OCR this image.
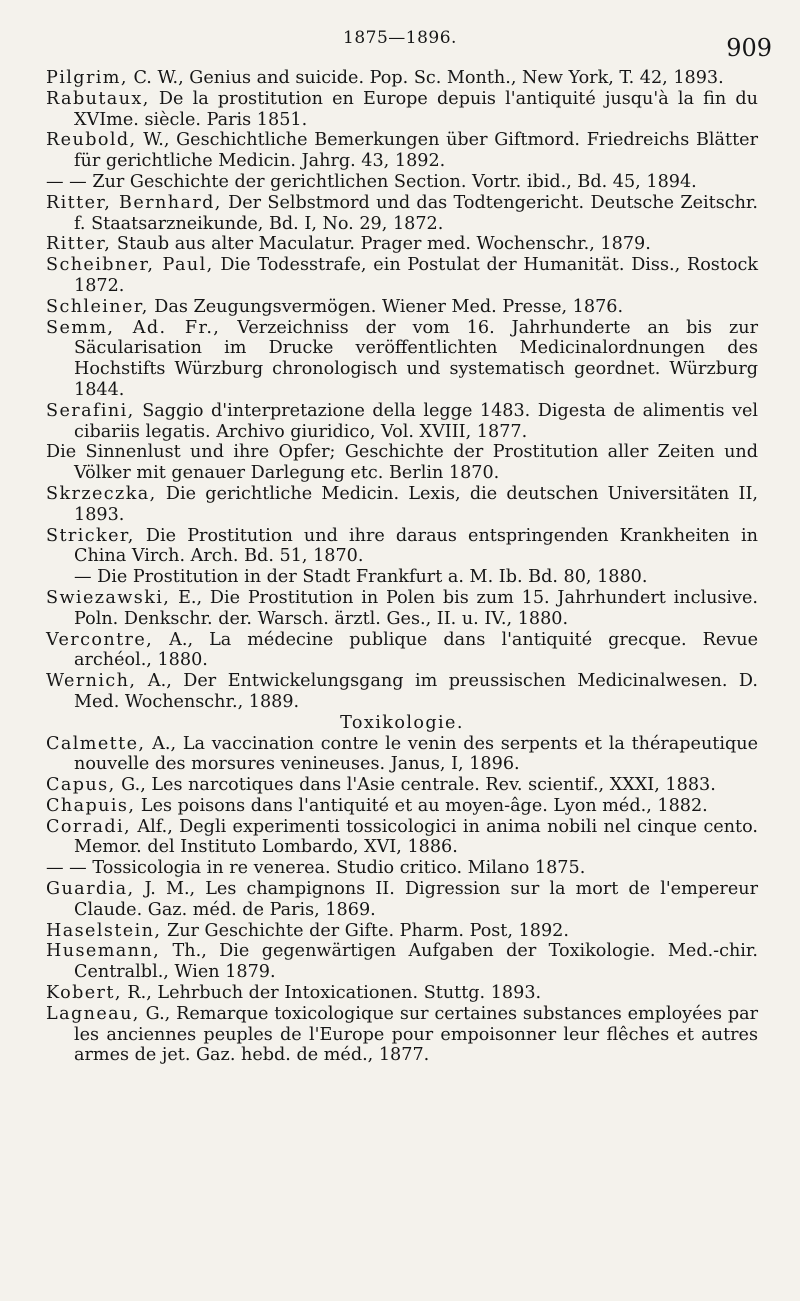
1875—1896.	909

Pilgrim, C. W., Genius and suicide. Pop. Sc. Month., New York, T. 42, 1893.

Rabutaux, De la prostitution en Europe depuis l'antiquité jusqu'à la fin du XVIme. siècle. Paris 1851.

Reubold, W., Geschichtliche Bemerkungen über Giftmord. Friedreichs Blätter für gerichtliche Medicin. Jahrg. 43, 1892.

— — Zur Geschichte der gerichtlichen Section. Vortr. ibid., Bd. 45, 1894.

Ritter, Bernhard, Der Selbstmord und das Todtengericht. Deutsche Zeitschr. f. Staatsarzneikunde, Bd. I, No. 29, 1872.

Ritter, Staub aus alter Maculatur. Prager med. Wochenschr., 1879.

Scheibner, Paul, Die Todesstrafe, ein Postulat der Humanität. Diss., Rostock 1872.

Schleiner, Das Zeugungsvermögen. Wiener Med. Presse, 1876.

Semm, Ad. Fr., Verzeichniss der vom 16. Jahrhunderte an bis zur Säcularisation im Drucke veröffentlichten Medicinalordnungen des Hochstifts Würzburg chronologisch und systematisch geordnet. Würzburg 1844.

Serafini, Saggio d'interpretazione della legge 1483. Digesta de alimentis vel cibariis legatis. Archivo giuridico, Vol. XVIII, 1877.

Die Sinnenlust und ihre Opfer; Geschichte der Prostitution aller Zeiten und Völker mit genauer Darlegung etc. Berlin 1870.

Skrzeczka, Die gerichtliche Medicin. Lexis, die deutschen Universitäten II, 1893.

Stricker, Die Prostitution und ihre daraus entspringenden Krankheiten in China Virch. Arch. Bd. 51, 1870.

— Die Prostitution in der Stadt Frankfurt a. M. Ib. Bd. 80, 1880.

Swiezawski, E., Die Prostitution in Polen bis zum 15. Jahrhundert inclusive. Poln. Denkschr. der. Warsch. ärztl. Ges., II. u. IV., 1880.

Vercontre, A., La médecine publique dans l'antiquité grecque. Revue archéol., 1880.

Wernich, A., Der Entwickelungsgang im preussischen Medicinalwesen. D. Med. Wochenschr., 1889.

Toxikologie.

Calmette, A., La vaccination contre le venin des serpents et la thérapeutique nouvelle des morsures venineuses. Janus, I, 1896.

Capus, G., Les narcotiques dans l'Asie centrale. Rev. scientif., XXXI, 1883.

Chapuis, Les poisons dans l'antiquité et au moyen-âge. Lyon méd., 1882.

Corradi, Alf., Degli experimenti tossicologici in anima nobili nel cinque cento. Memor. del Instituto Lombardo, XVI, 1886.

— — Tossicologia in re venerea. Studio critico. Milano 1875.

Guardia, J. M., Les champignons II. Digression sur la mort de l'empereur Claude. Gaz. méd. de Paris, 1869.

Haselstein, Zur Geschichte der Gifte. Pharm. Post, 1892.

Husemann, Th., Die gegenwärtigen Aufgaben der Toxikologie. Med.-chir. Centralbl., Wien 1879.

Kobert, R., Lehrbuch der Intoxicationen. Stuttg. 1893.

Lagneau, G., Remarque toxicologique sur certaines substances employées par les anciennes peuples de l'Europe pour empoisonner leur flêches et autres armes de jet. Gaz. hebd. de méd., 1877.
